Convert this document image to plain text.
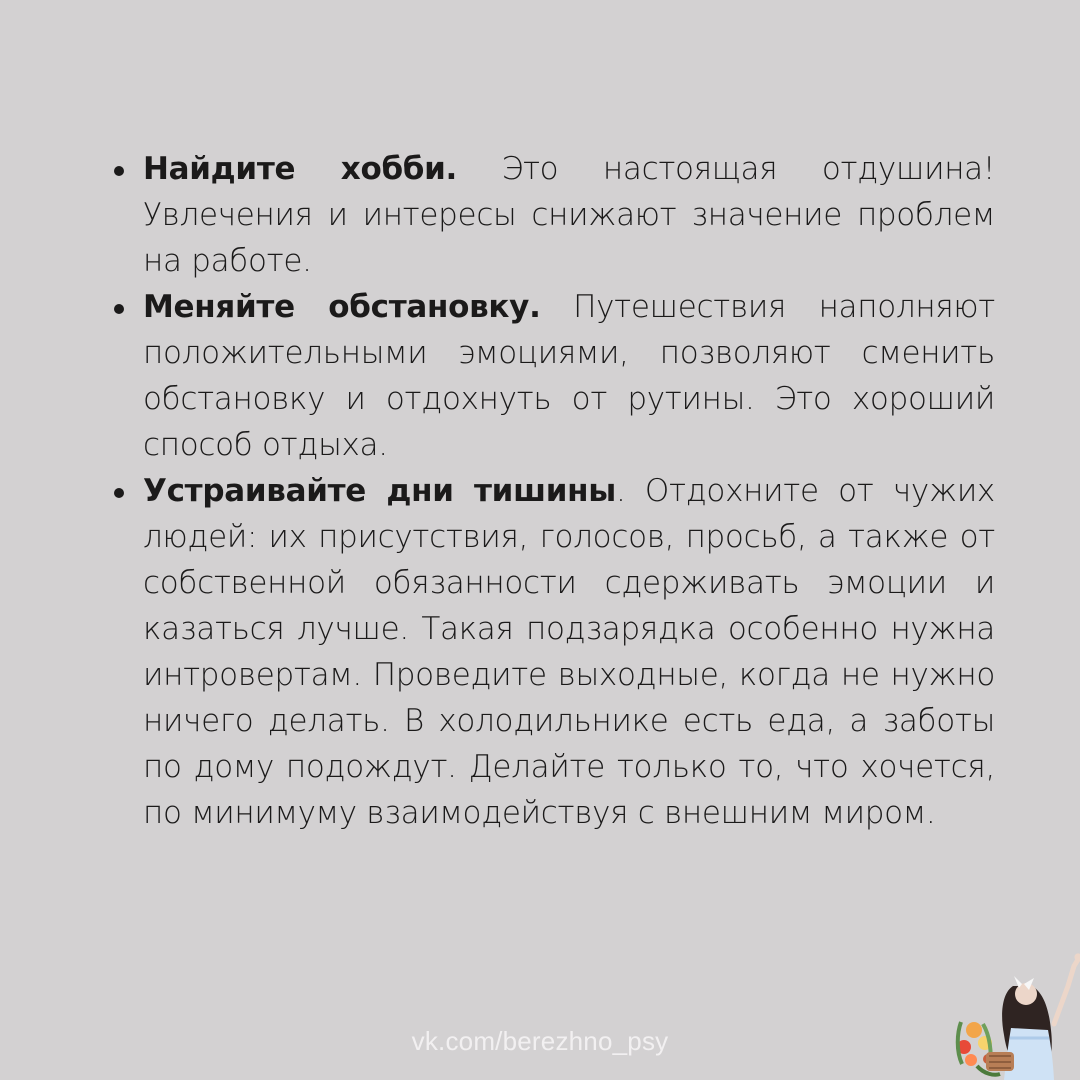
Найдите хобби. Это настоящая отдушина! Увлечения и интересы снижают значение проблем на работе.
Меняйте обстановку. Путешествия наполняют положительными эмоциями, позволяют сменить обстановку и отдохнуть от рутины. Это хороший способ отдыха.
Устраивайте дни тишины. Отдохните от чужих людей: их присутствия, голосов, просьб, а также от собственной обязанности сдерживать эмоции и казаться лучше. Такая подзарядка особенно нужна интровертам. Проведите выходные, когда не нужно ничего делать. В холодильнике есть еда, а заботы по дому подождут. Делайте только то, что хочется, по минимуму взаимодействуя с внешним миром.
vk.com/berezhno_psy
